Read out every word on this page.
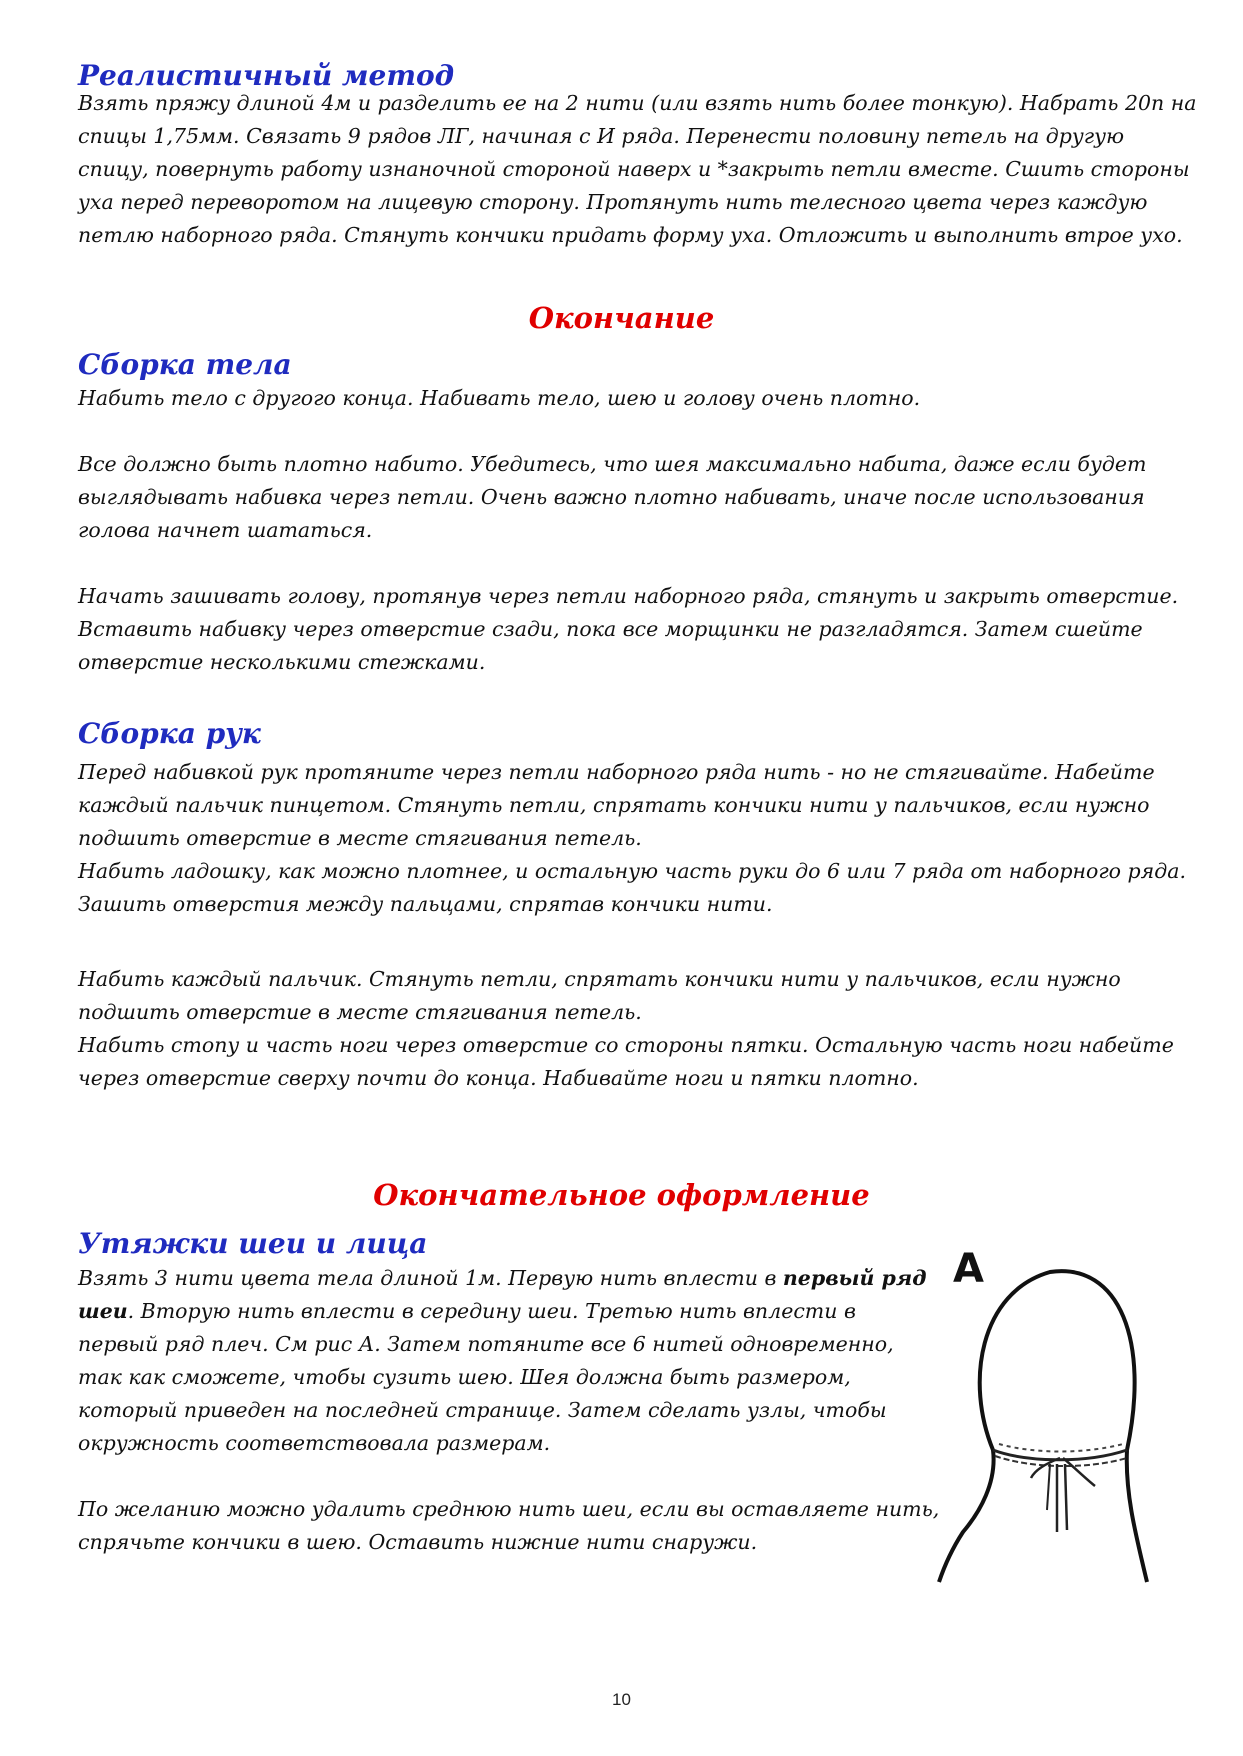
Реалистичный метод
Взять пряжу длиной 4м и разделить ее на 2 нити (или взять нить более тонкую). Набрать 20п на
спицы 1,75мм. Связать 9 рядов ЛГ, начиная с И ряда. Перенести половину петель на другую
спицу, повернуть работу изнаночной стороной наверх и *закрыть петли вместе. Сшить стороны
уха перед переворотом на лицевую сторону. Протянуть нить телесного цвета через каждую
петлю наборного ряда. Стянуть кончики придать форму уха. Отложить и выполнить втрое ухо.
Окончание
Сборка тела
Набить тело с другого конца. Набивать тело, шею и голову очень плотно.
Все должно быть плотно набито. Убедитесь, что шея максимально набита, даже если будет
выглядывать набивка через петли. Очень важно плотно набивать, иначе после использования
голова начнет шататься.
Начать зашивать голову, протянув через петли наборного ряда, стянуть и закрыть отверстие.
Вставить набивку через отверстие сзади, пока все морщинки не разгладятся. Затем сшейте
отверстие несколькими стежками.
Сборка рук
Перед набивкой рук протяните через петли наборного ряда нить - но не стягивайте. Набейте
каждый пальчик пинцетом. Стянуть петли, спрятать кончики нити у пальчиков, если нужно
подшить отверстие в месте стягивания петель.
Набить ладошку, как можно плотнее, и остальную часть руки до 6 или 7 ряда от наборного ряда.
Зашить отверстия между пальцами, спрятав кончики нити.
Набить каждый пальчик. Стянуть петли, спрятать кончики нити у пальчиков, если нужно
подшить отверстие в месте стягивания петель.
Набить стопу и часть ноги через отверстие со стороны пятки. Остальную часть ноги набейте
через отверстие сверху почти до конца. Набивайте ноги и пятки плотно.
Окончательное оформление
Утяжки шеи и лица
Взять 3 нити цвета тела длиной 1м. Первую нить вплести в первый ряд
шеи. Вторую нить вплести в середину шеи. Третью нить вплести в
первый ряд плеч. См рис А. Затем потяните все 6 нитей одновременно,
так как сможете, чтобы сузить шею. Шея должна быть размером,
который приведен на последней странице. Затем сделать узлы, чтобы
окружность соответствовала размерам.
По желанию можно удалить среднюю нить шеи, если вы оставляете нить,
спрячьте кончики в шею. Оставить нижние нити снаружи.
A
10
